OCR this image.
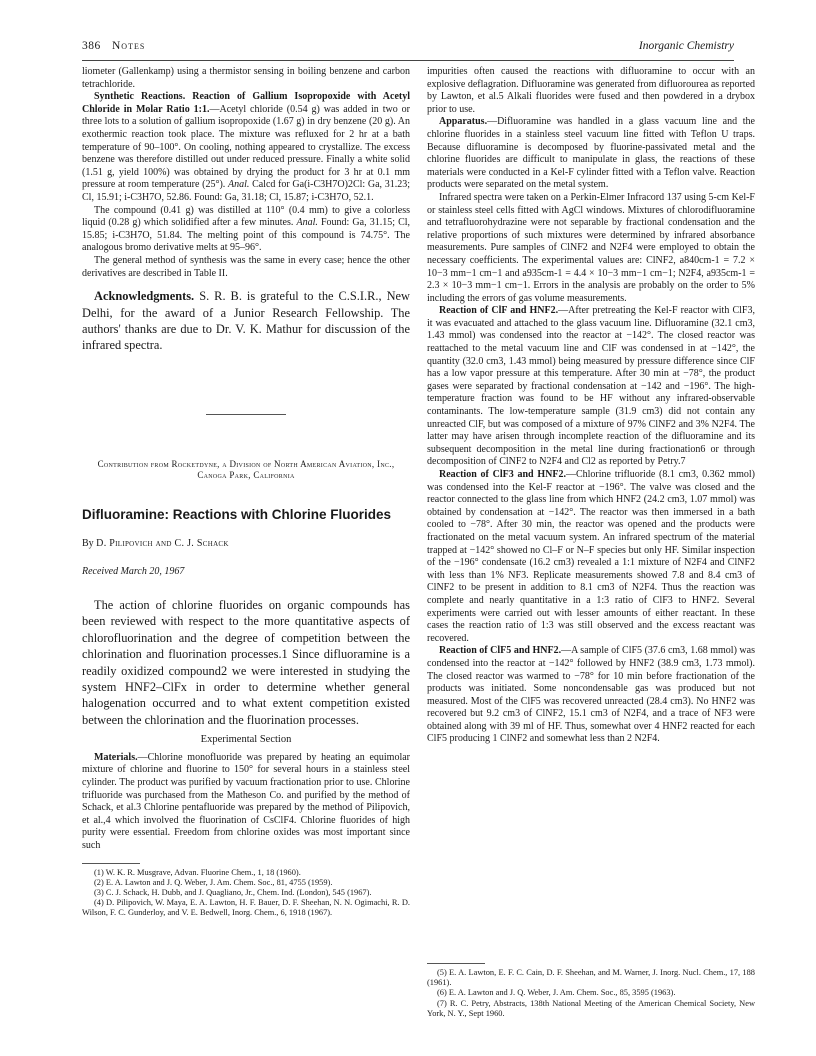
386 Notes	Inorganic Chemistry

liometer (Gallenkamp) using a thermistor sensing in boiling benzene and carbon tetrachloride.

Synthetic Reactions. Reaction of Gallium Isopropoxide with Acetyl Chloride in Molar Ratio 1:1.—Acetyl chloride (0.54 g) was added in two or three lots to a solution of gallium isopropoxide (1.67 g) in dry benzene (20 g). An exothermic reaction took place. The mixture was refluxed for 2 hr at a bath temperature of 90–100°. On cooling, nothing appeared to crystallize. The excess benzene was therefore distilled out under reduced pressure. Finally a white solid (1.51 g, yield 100%) was obtained by drying the product for 3 hr at 0.1 mm pressure at room temperature (25°). Anal. Calcd for Ga(i-C3H7O)2Cl: Ga, 31.23; Cl, 15.91; i-C3H7O, 52.86. Found: Ga, 31.18; Cl, 15.87; i-C3H7O, 52.1.

The compound (0.41 g) was distilled at 110° (0.4 mm) to give a colorless liquid (0.28 g) which solidified after a few minutes. Anal. Found: Ga, 31.15; Cl, 15.85; i-C3H7O, 51.84. The melting point of this compound is 74.75°. The analogous bromo derivative melts at 95–96°.

The general method of synthesis was the same in every case; hence the other derivatives are described in Table II.

Acknowledgments. S. R. B. is grateful to the C.S.I.R., New Delhi, for the award of a Junior Research Fellowship. The authors' thanks are due to Dr. V. K. Mathur for discussion of the infrared spectra.

Contribution from Rocketdyne, a Division of North American Aviation, Inc., Canoga Park, California
Difluoramine: Reactions with Chlorine Fluorides
By D. Pilipovich and C. J. Schack
Received March 20, 1967

The action of chlorine fluorides on organic compounds has been reviewed with respect to the more quantitative aspects of chlorofluorination and the degree of competition between the chlorination and fluorination processes.1 Since difluoramine is a readily oxidized compound2 we were interested in studying the system HNF2–ClFx in order to determine whether general halogenation occurred and to what extent competition existed between the chlorination and the fluorination processes.

Experimental Section

Materials.—Chlorine monofluoride was prepared by heating an equimolar mixture of chlorine and fluorine to 150° for several hours in a stainless steel cylinder. The product was purified by vacuum fractionation prior to use. Chlorine trifluoride was purchased from the Matheson Co. and purified by the method of Schack, et al.3 Chlorine pentafluoride was prepared by the method of Pilipovich, et al.,4 which involved the fluorination of CsClF4. Chlorine fluorides of high purity were essential. Freedom from chlorine oxides was most important since such

(1) W. K. R. Musgrave, Advan. Fluorine Chem., 1, 18 (1960).

(2) E. A. Lawton and J. Q. Weber, J. Am. Chem. Soc., 81, 4755 (1959).

(3) C. J. Schack, H. Dubb, and J. Quagliano, Jr., Chem. Ind. (London), 545 (1967).

(4) D. Pilipovich, W. Maya, E. A. Lawton, H. F. Bauer, D. F. Sheehan, N. N. Ogimachi, R. D. Wilson, F. C. Gunderloy, and V. E. Bedwell, Inorg. Chem., 6, 1918 (1967).

impurities often caused the reactions with difluoramine to occur with an explosive deflagration. Difluoramine was generated from difluorourea as reported by Lawton, et al.5 Alkali fluorides were fused and then powdered in a drybox prior to use.

Apparatus.—Difluoramine was handled in a glass vacuum line and the chlorine fluorides in a stainless steel vacuum line fitted with Teflon U traps. Because difluoramine is decomposed by fluorine-passivated metal and the chlorine fluorides are difficult to manipulate in glass, the reactions of these materials were conducted in a Kel-F cylinder fitted with a Teflon valve. Reaction products were separated on the metal system.

Infrared spectra were taken on a Perkin-Elmer Infracord 137 using 5-cm Kel-F or stainless steel cells fitted with AgCl windows. Mixtures of chlorodifluoramine and tetrafluorohydrazine were not separable by fractional condensation and the relative proportions of such mixtures were determined by infrared absorbance measurements. Pure samples of ClNF2 and N2F4 were employed to obtain the necessary coefficients. The experimental values are: ClNF2, a840cm-1 = 7.2 × 10−3 mm−1 cm−1 and a935cm-1 = 4.4 × 10−3 mm−1 cm−1; N2F4, a935cm-1 = 2.3 × 10−3 mm−1 cm−1. Errors in the analysis are probably on the order to 5% including the errors of gas volume measurements.

Reaction of ClF and HNF2.—After pretreating the Kel-F reactor with ClF3, it was evacuated and attached to the glass vacuum line. Difluoramine (32.1 cm3, 1.43 mmol) was condensed into the reactor at −142°. The closed reactor was reattached to the metal vacuum line and ClF was condensed in at −142°, the quantity (32.0 cm3, 1.43 mmol) being measured by pressure difference since ClF has a low vapor pressure at this temperature. After 30 min at −78°, the product gases were separated by fractional condensation at −142 and −196°. The high-temperature fraction was found to be HF without any infrared-observable contaminants. The low-temperature sample (31.9 cm3) did not contain any unreacted ClF, but was composed of a mixture of 97% ClNF2 and 3% N2F4. The latter may have arisen through incomplete reaction of the difluoramine and its subsequent decomposition in the metal line during fractionation6 or through decomposition of ClNF2 to N2F4 and Cl2 as reported by Petry.7

Reaction of ClF3 and HNF2.—Chlorine trifluoride (8.1 cm3, 0.362 mmol) was condensed into the Kel-F reactor at −196°. The valve was closed and the reactor connected to the glass line from which HNF2 (24.2 cm3, 1.07 mmol) was obtained by condensation at −142°. The reactor was then immersed in a bath cooled to −78°. After 30 min, the reactor was opened and the products were fractionated on the metal vacuum system. An infrared spectrum of the material trapped at −142° showed no Cl–F or N–F species but only HF. Similar inspection of the −196° condensate (16.2 cm3) revealed a 1:1 mixture of N2F4 and ClNF2 with less than 1% NF3. Replicate measurements showed 7.8 and 8.4 cm3 of ClNF2 to be present in addition to 8.1 cm3 of N2F4. Thus the reaction was complete and nearly quantitative in a 1:3 ratio of ClF3 to HNF2. Several experiments were carried out with lesser amounts of either reactant. In these cases the reaction ratio of 1:3 was still observed and the excess reactant was recovered.

Reaction of ClF5 and HNF2.—A sample of ClF5 (37.6 cm3, 1.68 mmol) was condensed into the reactor at −142° followed by HNF2 (38.9 cm3, 1.73 mmol). The closed reactor was warmed to −78° for 10 min before fractionation of the products was initiated. Some noncondensable gas was produced but not measured. Most of the ClF5 was recovered unreacted (28.4 cm3). No HNF2 was recovered but 9.2 cm3 of ClNF2, 15.1 cm3 of N2F4, and a trace of NF3 were obtained along with 39 ml of HF. Thus, somewhat over 4 HNF2 reacted for each ClF5 producing 1 ClNF2 and somewhat less than 2 N2F4.

(5) E. A. Lawton, E. F. C. Cain, D. F. Sheehan, and M. Warner, J. Inorg. Nucl. Chem., 17, 188 (1961).

(6) E. A. Lawton and J. Q. Weber, J. Am. Chem. Soc., 85, 3595 (1963).

(7) R. C. Petry, Abstracts, 138th National Meeting of the American Chemical Society, New York, N. Y., Sept 1960.
